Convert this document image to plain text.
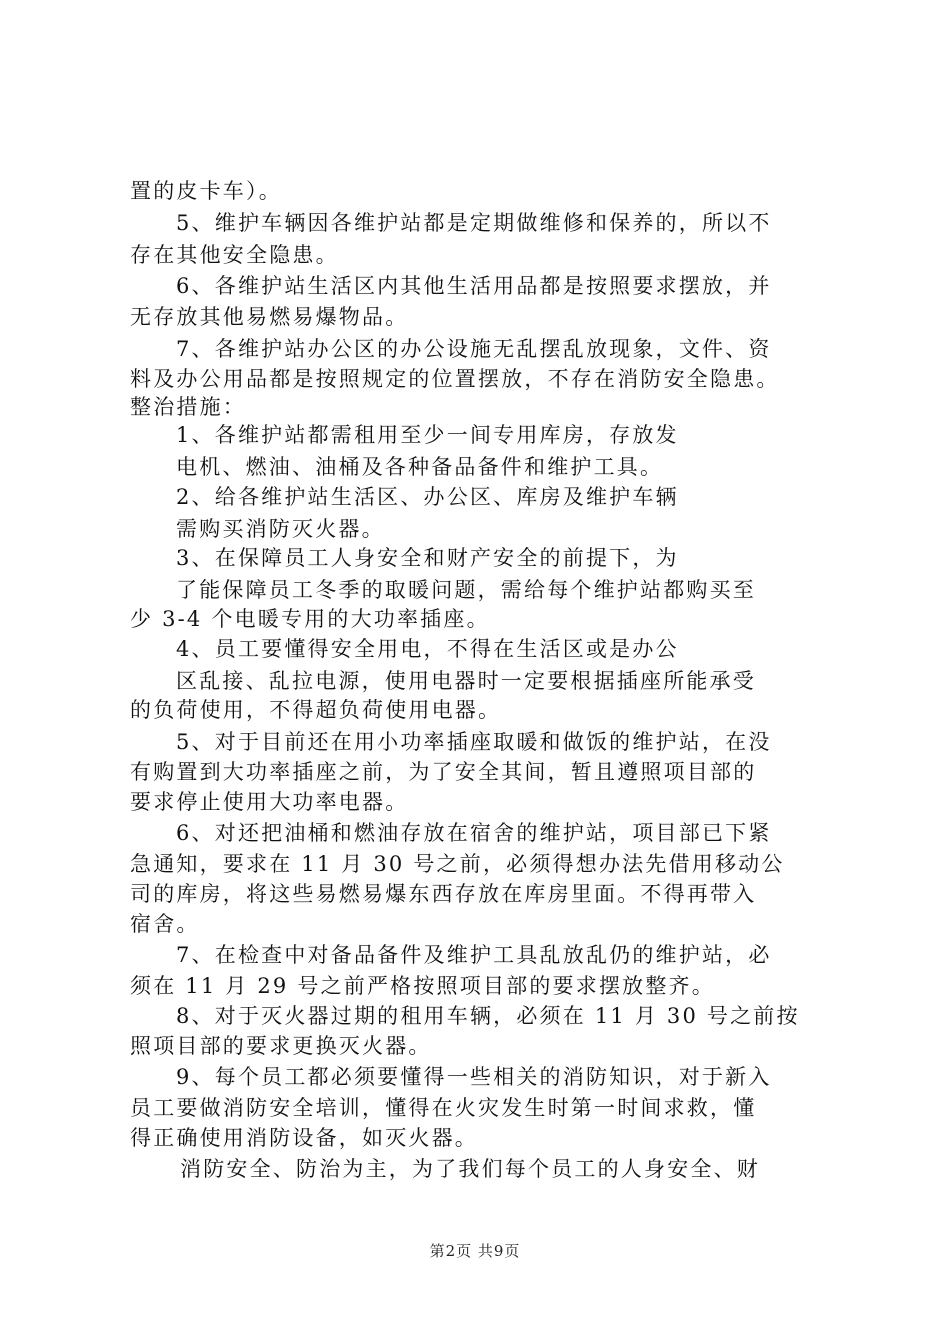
置的皮卡车）。
5、维护车辆因各维护站都是定期做维修和保养的，所以不
存在其他安全隐患。
6、各维护站生活区内其他生活用品都是按照要求摆放，并
无存放其他易燃易爆物品。
7、各维护站办公区的办公设施无乱摆乱放现象，文件、资
料及办公用品都是按照规定的位置摆放，不存在消防安全隐患。
整治措施：
1、各维护站都需租用至少一间专用库房，存放发
电机、燃油、油桶及各种备品备件和维护工具。
2、给各维护站生活区、办公区、库房及维护车辆
需购买消防灭火器。
3、在保障员工人身安全和财产安全的前提下，为
了能保障员工冬季的取暖问题，需给每个维护站都购买至
少 3-4 个电暖专用的大功率插座。
4、员工要懂得安全用电，不得在生活区或是办公
区乱接、乱拉电源，使用电器时一定要根据插座所能承受
的负荷使用，不得超负荷使用电器。
5、对于目前还在用小功率插座取暖和做饭的维护站，在没
有购置到大功率插座之前，为了安全其间，暂且遵照项目部的
要求停止使用大功率电器。
6、对还把油桶和燃油存放在宿舍的维护站，项目部已下紧
急通知，要求在 11 月 30 号之前，必须得想办法先借用移动公
司的库房，将这些易燃易爆东西存放在库房里面。不得再带入
宿舍。
7、在检查中对备品备件及维护工具乱放乱仍的维护站，必
须在 11 月 29 号之前严格按照项目部的要求摆放整齐。
8、对于灭火器过期的租用车辆，必须在 11 月 30 号之前按
照项目部的要求更换灭火器。
9、每个员工都必须要懂得一些相关的消防知识，对于新入
员工要做消防安全培训，懂得在火灾发生时第一时间求救，懂
得正确使用消防设备，如灭火器。
消防安全、防治为主，为了我们每个员工的人身安全、财
第2页 共9页
